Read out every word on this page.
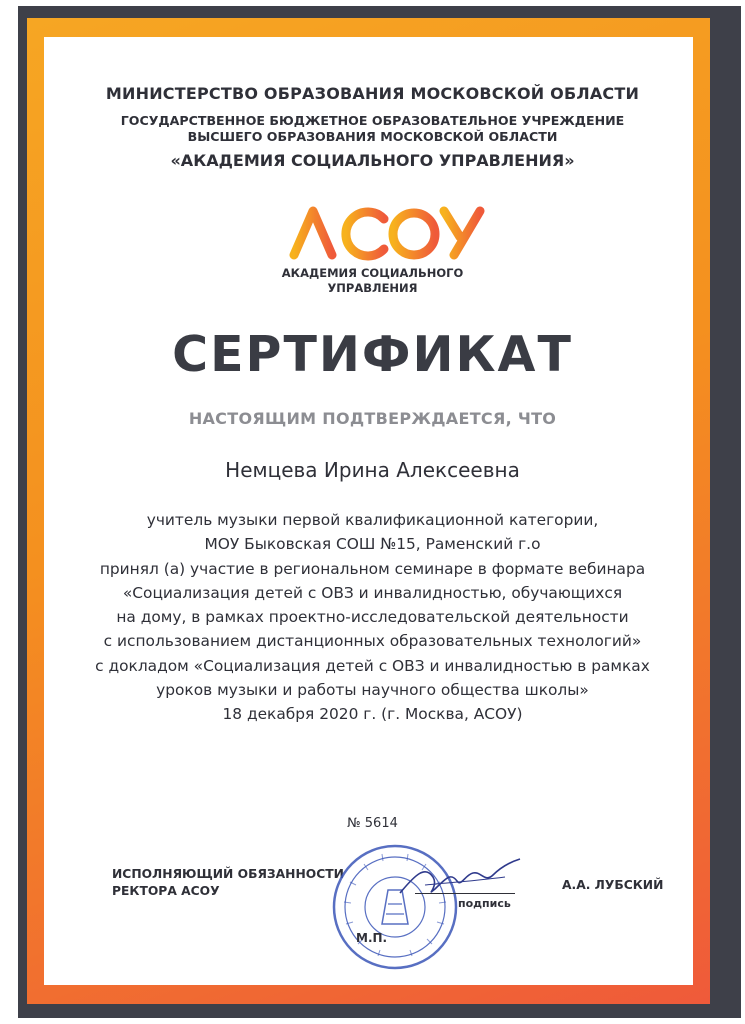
МИНИСТЕРСТВО ОБРАЗОВАНИЯ МОСКОВСКОЙ ОБЛАСТИ
ГОСУДАРСТВЕННОЕ БЮДЖЕТНОЕ ОБРАЗОВАТЕЛЬНОЕ УЧРЕЖДЕНИЕ
ВЫСШЕГО ОБРАЗОВАНИЯ МОСКОВСКОЙ ОБЛАСТИ
«АКАДЕМИЯ СОЦИАЛЬНОГО УПРАВЛЕНИЯ»
АКАДЕМИЯ СОЦИАЛЬНОГО
УПРАВЛЕНИЯ
СЕРТИФИКАТ
НАСТОЯЩИМ ПОДТВЕРЖДАЕТСЯ, ЧТО
Немцева Ирина Алексеевна
учитель музыки первой квалификационной категории,
МОУ Быковская СОШ №15, Раменский г.о
принял (а) участие в региональном семинаре в формате вебинара
«Социализация детей с ОВЗ и инвалидностью, обучающихся
на дому, в рамках проектно-исследовательской деятельности
с использованием дистанционных образовательных технологий»
с докладом «Социализация детей с ОВЗ и инвалидностью в рамках
уроков музыки и работы научного общества школы»
18 декабря 2020 г. (г. Москва, АСОУ)
№ 5614
ИСПОЛНЯЮЩИЙ ОБЯЗАННОСТИ
РЕКТОРА АСОУ
подпись
А.А. ЛУБСКИЙ
М.П.
